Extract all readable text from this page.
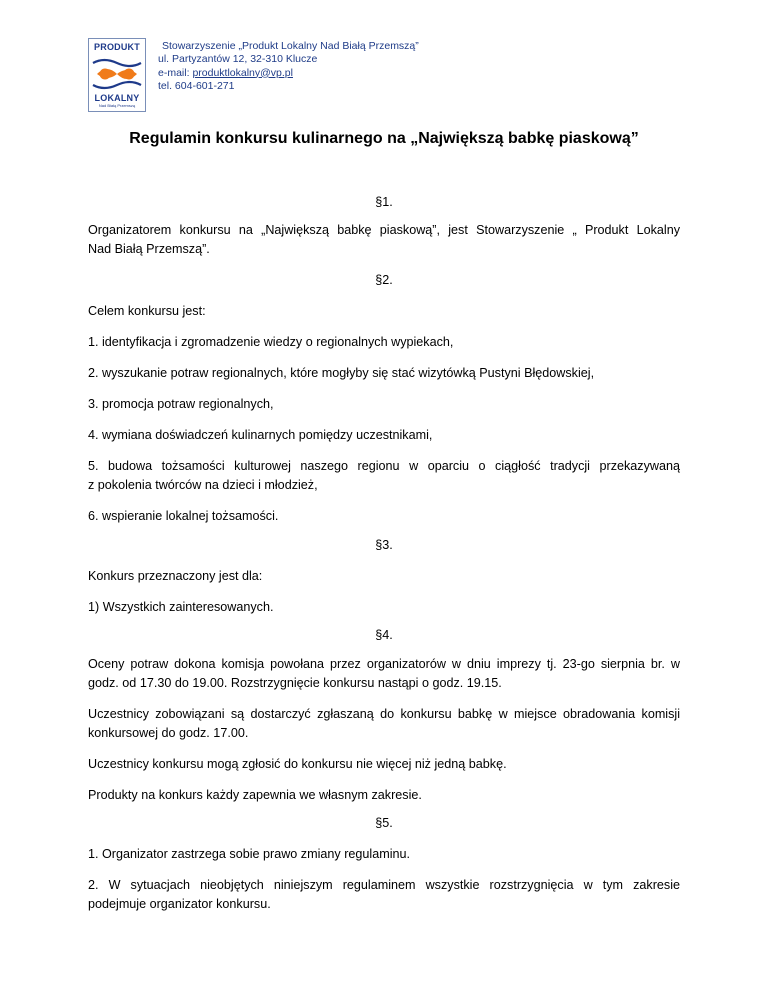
PRODUKT
LOKALNY
Nad Białą Przemszą
Stowarzyszenie „Produkt Lokalny Nad Białą Przemszą”
ul. Partyzantów 12, 32-310 Klucze
e-mail: produktlokalny@vp.pl
tel. 604-601-271
Regulamin konkursu kulinarnego na „Największą babkę piaskową”
§1.
Organizatorem konkursu na „Największą babkę piaskową”, jest Stowarzyszenie „ Produkt Lokalny
Nad Białą Przemszą”.
§2.
Celem konkursu jest:
1. identyfikacja i zgromadzenie wiedzy o regionalnych wypiekach,
2. wyszukanie potraw regionalnych, które mogłyby się stać wizytówką Pustyni Błędowskiej,
3. promocja potraw regionalnych,
4. wymiana doświadczeń kulinarnych pomiędzy uczestnikami,
5. budowa tożsamości kulturowej naszego regionu w oparciu o ciągłość tradycji przekazywaną
z pokolenia twórców na dzieci i młodzież,
6. wspieranie lokalnej tożsamości.
§3.
Konkurs przeznaczony jest dla:
1) Wszystkich zainteresowanych.
§4.
Oceny potraw dokona komisja powołana przez organizatorów w dniu imprezy tj. 23-go sierpnia br. w
godz. od 17.30 do 19.00. Rozstrzygnięcie konkursu nastąpi o godz. 19.15.
Uczestnicy zobowiązani są dostarczyć zgłaszaną do konkursu babkę w miejsce obradowania komisji
konkursowej do godz. 17.00.
Uczestnicy konkursu mogą zgłosić do konkursu nie więcej niż jedną babkę.
Produkty na konkurs każdy zapewnia we własnym zakresie.
§5.
1. Organizator zastrzega sobie prawo zmiany regulaminu.
2. W sytuacjach nieobjętych niniejszym regulaminem wszystkie rozstrzygnięcia w tym zakresie
podejmuje organizator konkursu.
